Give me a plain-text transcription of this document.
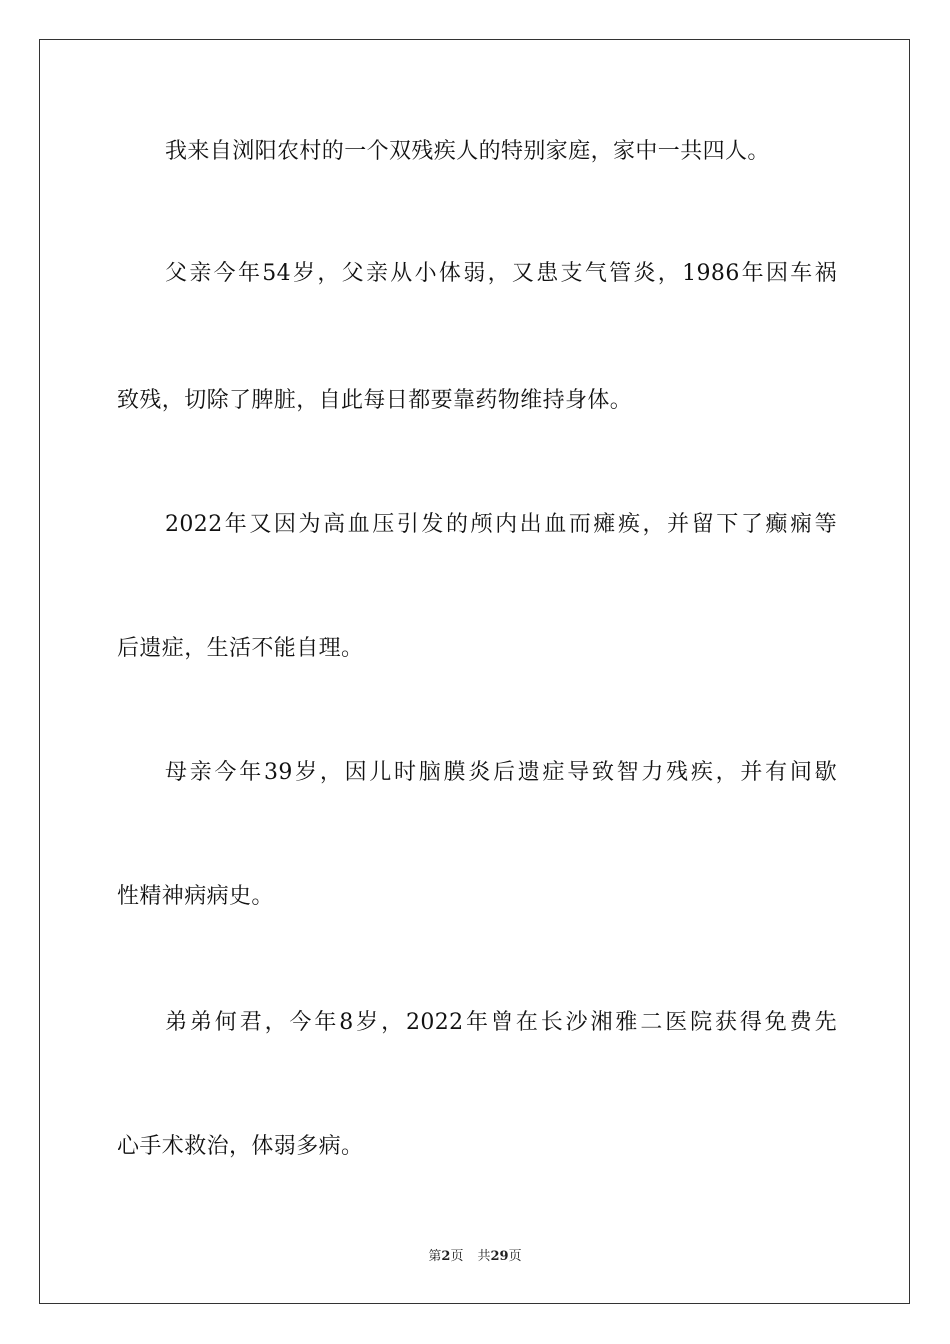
我来自浏阳农村的一个双残疾人的特别家庭，家中一共四人。
父亲今年54岁，父亲从小体弱，又患支气管炎，1986年因车祸
致残，切除了脾脏，自此每日都要靠药物维持身体。
2022年又因为高血压引发的颅内出血而瘫痪，并留下了癫痫等
后遗症，生活不能自理。
母亲今年39岁，因儿时脑膜炎后遗症导致智力残疾，并有间歇
性精神病病史。
弟弟何君，今年8岁，2022年曾在长沙湘雅二医院获得免费先
心手术救治，体弱多病。
第2页 共29页
